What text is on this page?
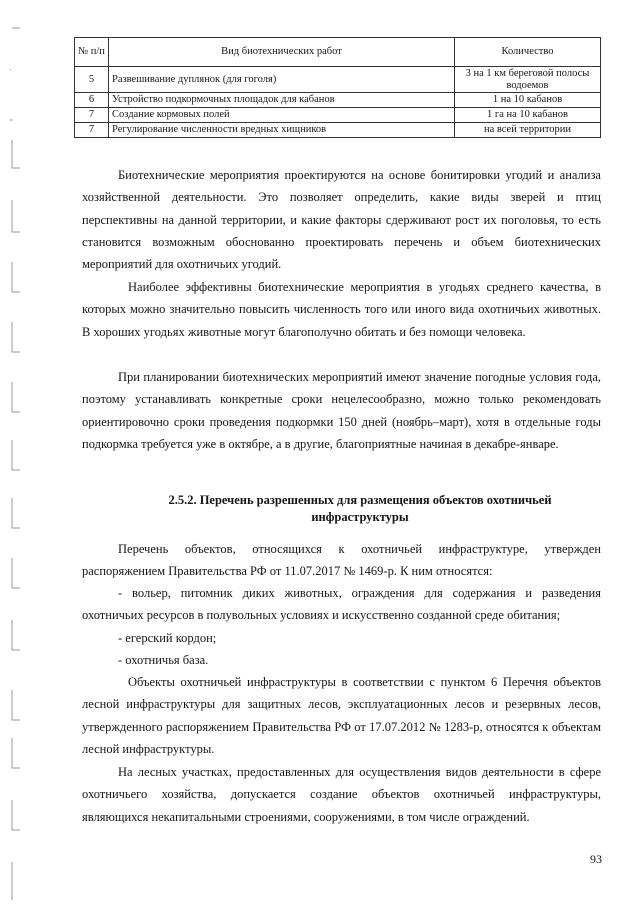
№ п/п	Вид биотехнических работ	Количество
5	Развешивание дуплянок (для гоголя)	3 на 1 км береговой полосы водоемов
6	Устройство подкормочных площадок для кабанов	1 на 10 кабанов
7	Создание кормовых полей	1 га на 10 кабанов
7	Регулирование численности вредных хищников	на всей территории

Биотехнические мероприятия проектируются на основе бонитировки угодий и анализа хозяйственной деятельности. Это позволяет определить, какие виды зверей и птиц перспективны на данной территории, и какие факторы сдерживают рост их поголовья, то есть становится возможным обоснованно проектировать перечень и объем биотехнических мероприятий для охотничьих угодий.

Наиболее эффективны биотехнические мероприятия в угодьях среднего качества, в которых можно значительно повысить численность того или иного вида охотничьих животных. В хороших угодьях животные могут благополучно обитать и без помощи человека.

При планировании биотехнических мероприятий имеют значение погодные условия года, поэтому устанавливать конкретные сроки нецелесообразно, можно только рекомендовать ориентировочно сроки проведения подкормки 150 дней (ноябрь–март), хотя в отдельные годы подкормка требуется уже в октябре, а в другие, благоприятные начиная в декабре-январе.

2.5.2. Перечень разрешенных для размещения объектов охотничьей инфраструктуры

Перечень объектов, относящихся к охотничьей инфраструктуре, утвержден распоряжением Правительства РФ от 11.07.2017 № 1469-р. К ним относятся:

- вольер, питомник диких животных, ограждения для содержания и разведения охотничьих ресурсов в полувольных условиях и искусственно созданной среде обитания;

- егерский кордон;

- охотничья база.

Объекты охотничьей инфраструктуры в соответствии с пунктом 6 Перечня объектов лесной инфраструктуры для защитных лесов, эксплуатационных лесов и резервных лесов, утвержденного распоряжением Правительства РФ от 17.07.2012 № 1283-р, относятся к объектам лесной инфраструктуры.

На лесных участках, предоставленных для осуществления видов деятельности в сфере охотничьего хозяйства, допускается создание объектов охотничьей инфраструктуры, являющихся некапитальными строениями, сооружениями, в том числе ограждений.

93
